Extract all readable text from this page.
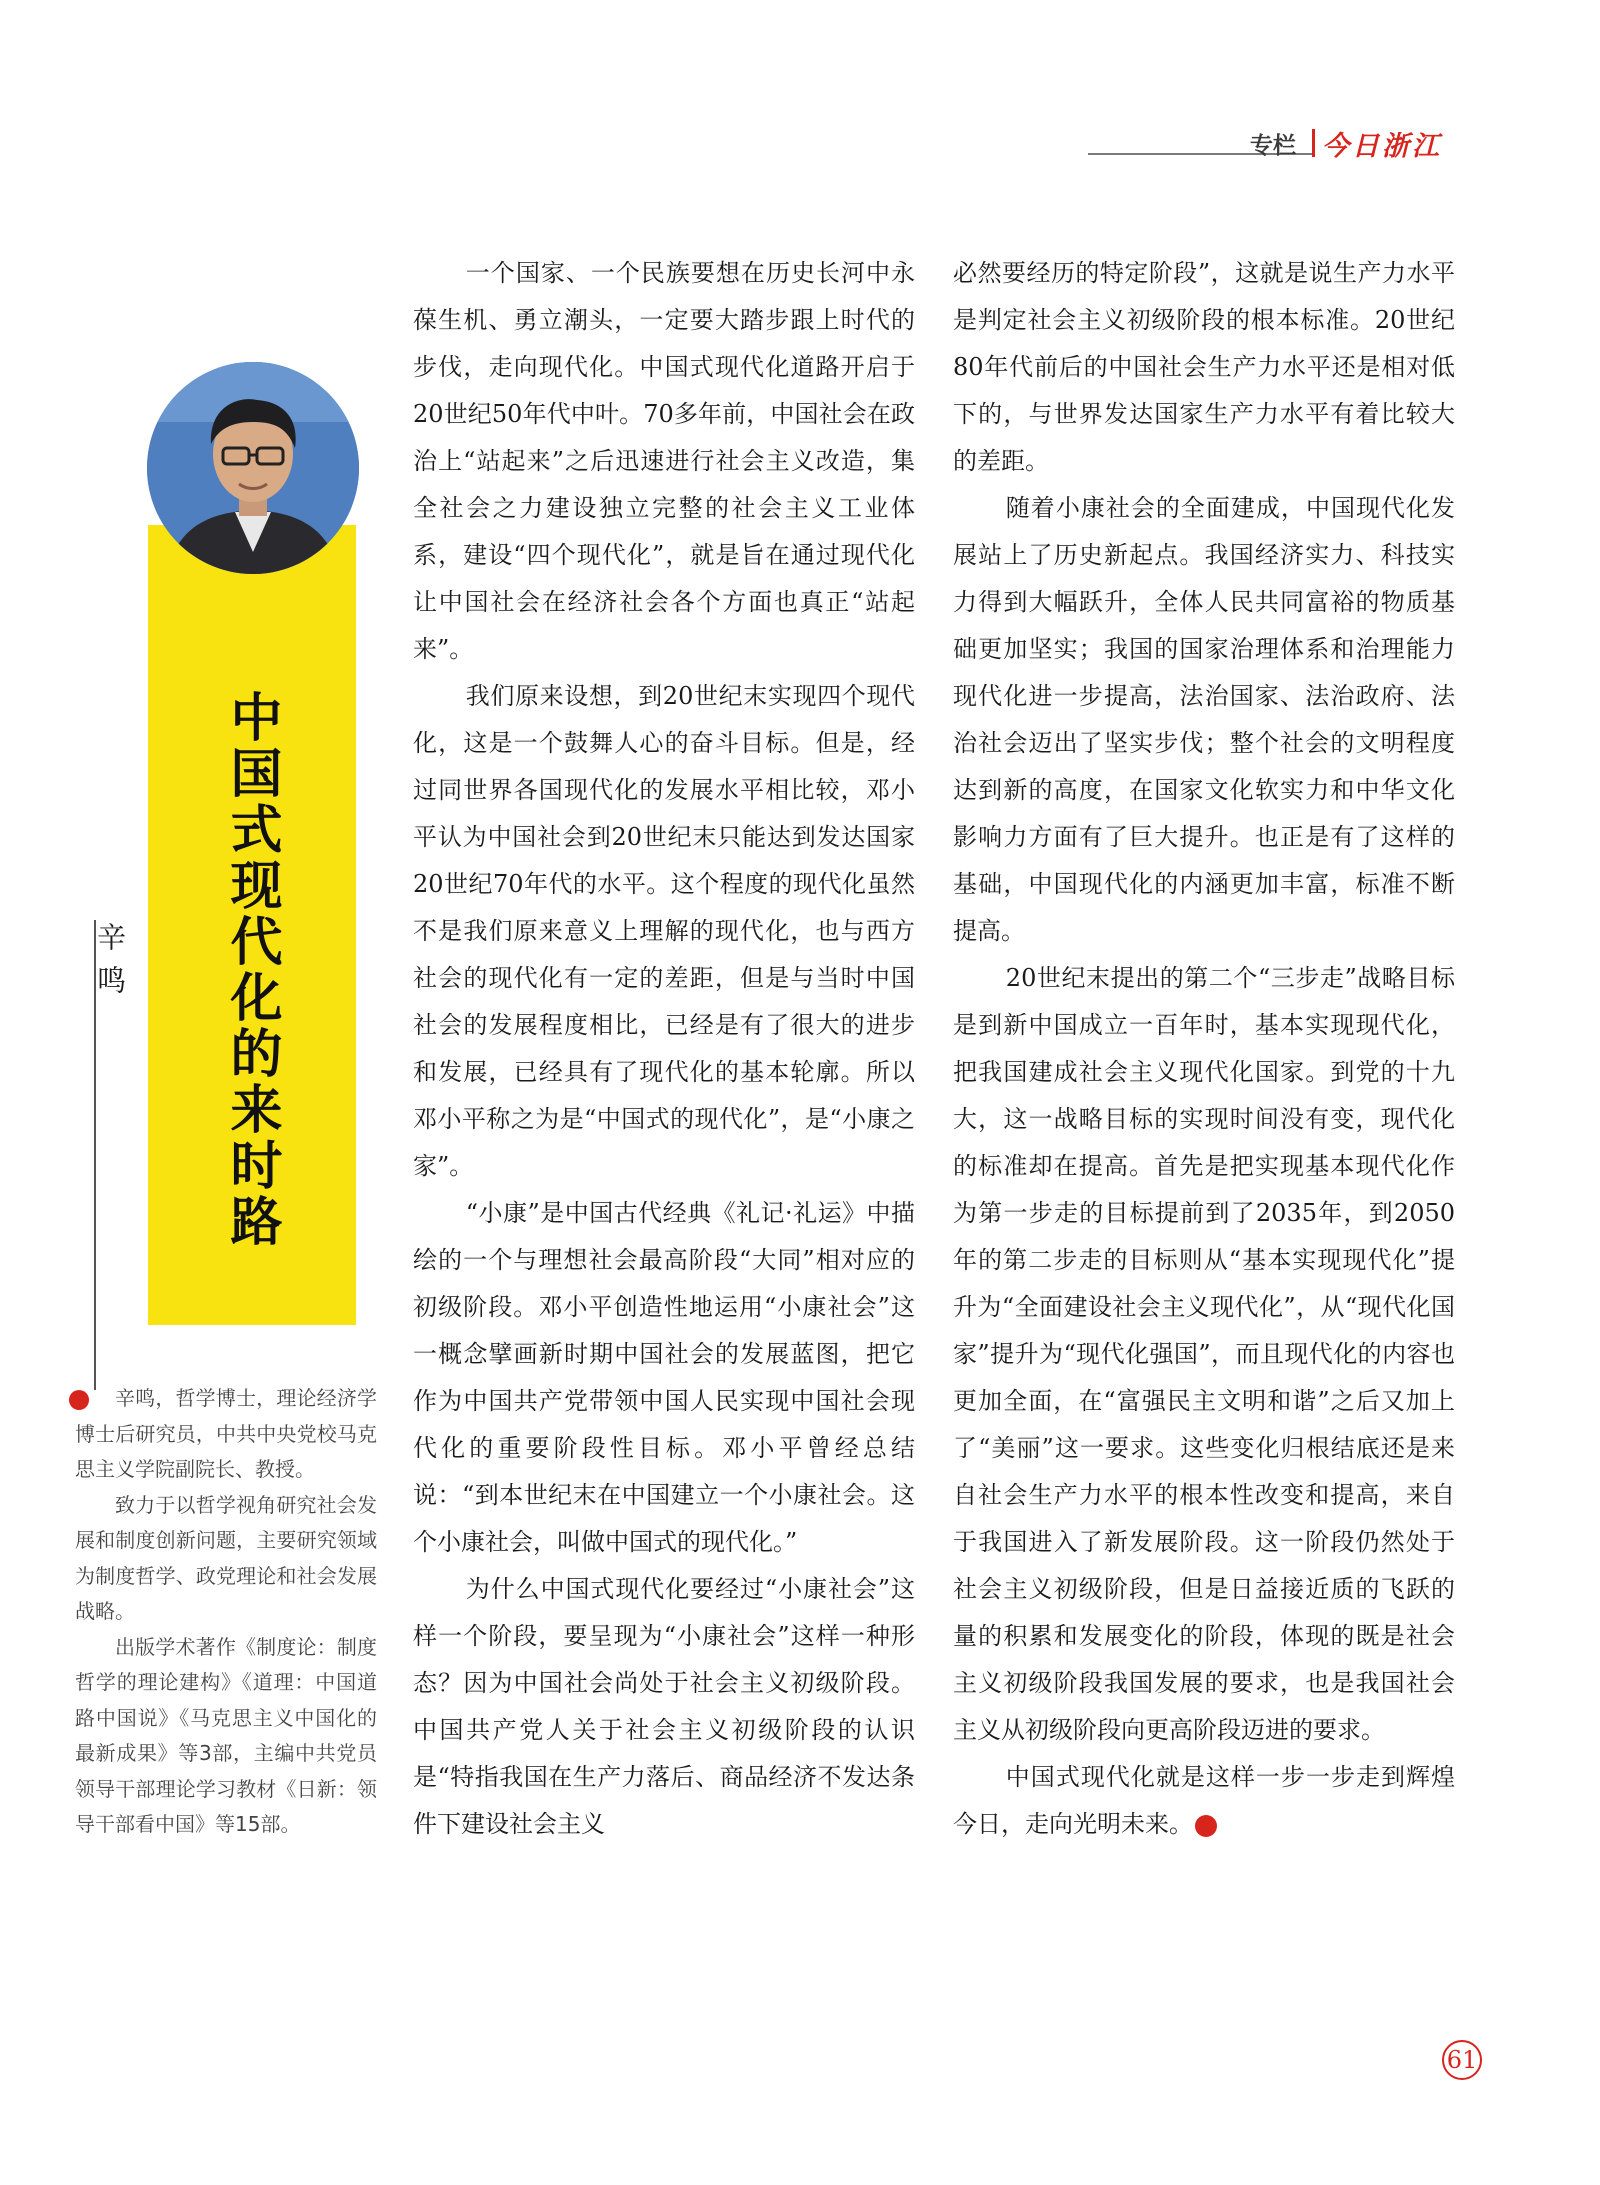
专栏 今日浙江
中国式现代化的来时路
辛鸣

辛鸣，哲学博士，理论经济学博士后研究员，中共中央党校马克思主义学院副院长、教授。

致力于以哲学视角研究社会发展和制度创新问题，主要研究领域为制度哲学、政党理论和社会发展战略。

出版学术著作《制度论：制度哲学的理论建构》《道理：中国道路中国说》《马克思主义中国化的最新成果》等3部，主编中共党员领导干部理论学习教材《日新：领导干部看中国》等15部。

一个国家、一个民族要想在历史长河中永葆生机、勇立潮头，一定要大踏步跟上时代的步伐，走向现代化。中国式现代化道路开启于20世纪50年代中叶。70多年前，中国社会在政治上“站起来”之后迅速进行社会主义改造，集全社会之力建设独立完整的社会主义工业体系，建设“四个现代化”，就是旨在通过现代化让中国社会在经济社会各个方面也真正“站起来”。

我们原来设想，到20世纪末实现四个现代化，这是一个鼓舞人心的奋斗目标。但是，经过同世界各国现代化的发展水平相比较，邓小平认为中国社会到20世纪末只能达到发达国家20世纪70年代的水平。这个程度的现代化虽然不是我们原来意义上理解的现代化，也与西方社会的现代化有一定的差距，但是与当时中国社会的发展程度相比，已经是有了很大的进步和发展，已经具有了现代化的基本轮廓。所以邓小平称之为是“中国式的现代化”，是“小康之家”。

“小康”是中国古代经典《礼记·礼运》中描绘的一个与理想社会最高阶段“大同”相对应的初级阶段。邓小平创造性地运用“小康社会”这一概念擘画新时期中国社会的发展蓝图，把它作为中国共产党带领中国人民实现中国社会现代化的重要阶段性目标。邓小平曾经总结说：“到本世纪末在中国建立一个小康社会。这个小康社会，叫做中国式的现代化。”

为什么中国式现代化要经过“小康社会”这样一个阶段，要呈现为“小康社会”这样一种形态？因为中国社会尚处于社会主义初级阶段。中国共产党人关于社会主义初级阶段的认识是“特指我国在生产力落后、商品经济不发达条件下建设社会主义

必然要经历的特定阶段”，这就是说生产力水平是判定社会主义初级阶段的根本标准。20世纪80年代前后的中国社会生产力水平还是相对低下的，与世界发达国家生产力水平有着比较大的差距。

随着小康社会的全面建成，中国现代化发展站上了历史新起点。我国经济实力、科技实力得到大幅跃升，全体人民共同富裕的物质基础更加坚实；我国的国家治理体系和治理能力现代化进一步提高，法治国家、法治政府、法治社会迈出了坚实步伐；整个社会的文明程度达到新的高度，在国家文化软实力和中华文化影响力方面有了巨大提升。也正是有了这样的基础，中国现代化的内涵更加丰富，标准不断提高。

20世纪末提出的第二个“三步走”战略目标是到新中国成立一百年时，基本实现现代化，把我国建成社会主义现代化国家。到党的十九大，这一战略目标的实现时间没有变，现代化的标准却在提高。首先是把实现基本现代化作为第一步走的目标提前到了2035年，到2050年的第二步走的目标则从“基本实现现代化”提升为“全面建设社会主义现代化”，从“现代化国家”提升为“现代化强国”，而且现代化的内容也更加全面，在“富强民主文明和谐”之后又加上了“美丽”这一要求。这些变化归根结底还是来自社会生产力水平的根本性改变和提高，来自于我国进入了新发展阶段。这一阶段仍然处于社会主义初级阶段，但是日益接近质的飞跃的量的积累和发展变化的阶段，体现的既是社会主义初级阶段我国发展的要求，也是我国社会主义从初级阶段向更高阶段迈进的要求。

中国式现代化就是这样一步一步走到辉煌今日，走向光明未来。	今

61
